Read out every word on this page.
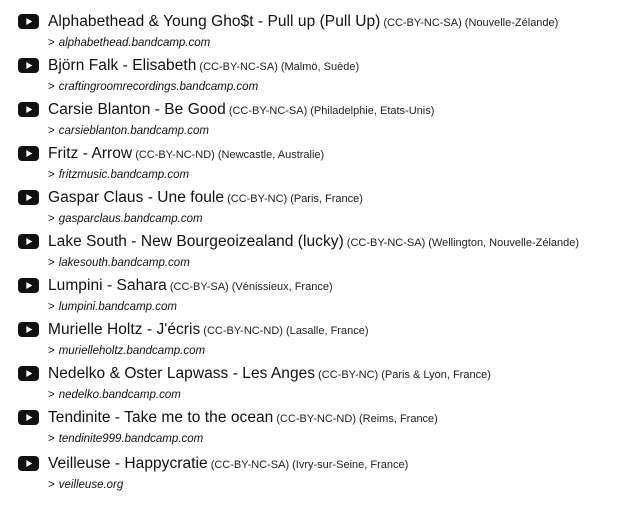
Alphabethead & Young Gho$t - Pull up (Pull Up) (CC-BY-NC-SA) (Nouvelle-Zélande)
> alphabethead.bandcamp.com
Björn Falk - Elisabeth (CC-BY-NC-SA) (Malmö, Suède)
> craftingroomrecordings.bandcamp.com
Carsie Blanton - Be Good (CC-BY-NC-SA) (Philadelphie, Etats-Unis)
> carsieblanton.bandcamp.com
Fritz - Arrow (CC-BY-NC-ND) (Newcastle, Australie)
> fritzmusic.bandcamp.com
Gaspar Claus - Une foule (CC-BY-NC) (Paris, France)
> gasparclaus.bandcamp.com
Lake South - New Bourgeoizealand (lucky) (CC-BY-NC-SA) (Wellington, Nouvelle-Zélande)
> lakesouth.bandcamp.com
Lumpini - Sahara (CC-BY-SA) (Vénissieux, France)
> lumpini.bandcamp.com
Murielle Holtz - J'écris (CC-BY-NC-ND) (Lasalle, France)
> murielleholtz.bandcamp.com
Nedelko & Oster Lapwass - Les Anges (CC-BY-NC) (Paris & Lyon, France)
> nedelko.bandcamp.com
Tendinite - Take me to the ocean (CC-BY-NC-ND) (Reims, France)
> tendinite999.bandcamp.com
Veilleuse - Happycratie (CC-BY-NC-SA) (Ivry-sur-Seine, France)
> veilleuse.org
